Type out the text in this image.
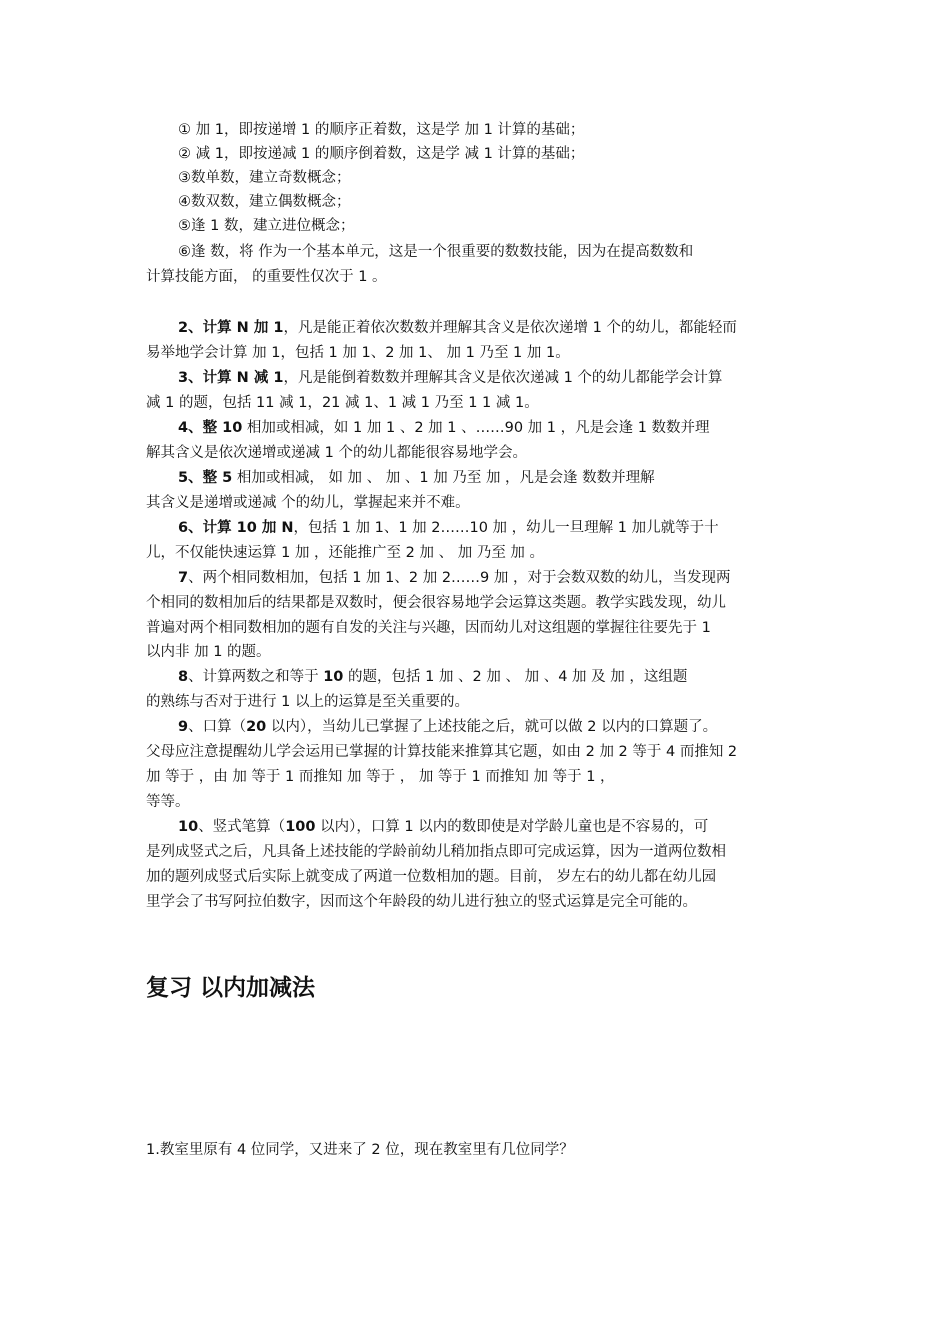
① 加 1，即按递增 1 的顺序正着数，这是学 加 1 计算的基础；
② 减 1，即按递减 1 的顺序倒着数，这是学 减 1 计算的基础；
③数单数，建立奇数概念；
④数双数，建立偶数概念；
⑤逢 1 数，建立进位概念；
⑥逢 数，将 作为一个基本单元，这是一个很重要的数数技能，因为在提高数数和
计算技能方面， 的重要性仅次于 1 。
2、计算 N 加 1，凡是能正着依次数数并理解其含义是依次递增 1 个的幼儿，都能轻而
易举地学会计算 加 1，包括 1 加 1、2 加 1、 加 1 乃至 1 加 1。
3、计算 N 减 1，凡是能倒着数数并理解其含义是依次递减 1 个的幼儿都能学会计算
减 1 的题，包括 11 减 1，21 减 1、1 减 1 乃至 1 1 减 1。
4、整 10 相加或相减，如 1 加 1 、2 加 1 、……90 加 1 ，凡是会逢 1 数数并理
解其含义是依次递增或递减 1 个的幼儿都能很容易地学会。
5、整 5 相加或相减， 如 加 、 加 、1 加 乃至 加 ，凡是会逢 数数并理解
其含义是递增或递减 个的幼儿，掌握起来并不难。
6、计算 10 加 N，包括 1 加 1、1 加 2……10 加 ，幼儿一旦理解 1 加儿就等于十
儿，不仅能快速运算 1 加 ，还能推广至 2 加 、 加 乃至 加 。
7、两个相同数相加，包括 1 加 1、2 加 2……9 加 ，对于会数双数的幼儿，当发现两
个相同的数相加后的结果都是双数时，便会很容易地学会运算这类题。教学实践发现，幼儿
普遍对两个相同数相加的题有自发的关注与兴趣，因而幼儿对这组题的掌握往往要先于 1
以内非 加 1 的题。
8、计算两数之和等于 10 的题，包括 1 加 、2 加 、 加 、4 加 及 加 ，这组题
的熟练与否对于进行 1 以上的运算是至关重要的。
9、口算（20 以内），当幼儿已掌握了上述技能之后，就可以做 2 以内的口算题了。
父母应注意提醒幼儿学会运用已掌握的计算技能来推算其它题，如由 2 加 2 等于 4 而推知 2
加 等于 ，由 加 等于 1 而推知 加 等于 ， 加 等于 1 而推知 加 等于 1 ，
等等。
10、竖式笔算（100 以内），口算 1 以内的数即使是对学龄儿童也是不容易的，可
是列成竖式之后，凡具备上述技能的学龄前幼儿稍加指点即可完成运算，因为一道两位数相
加的题列成竖式后实际上就变成了两道一位数相加的题。目前， 岁左右的幼儿都在幼儿园
里学会了书写阿拉伯数字，因而这个年龄段的幼儿进行独立的竖式运算是完全可能的。
复习 以内加减法
1.教室里原有 4 位同学，又进来了 2 位，现在教室里有几位同学？
